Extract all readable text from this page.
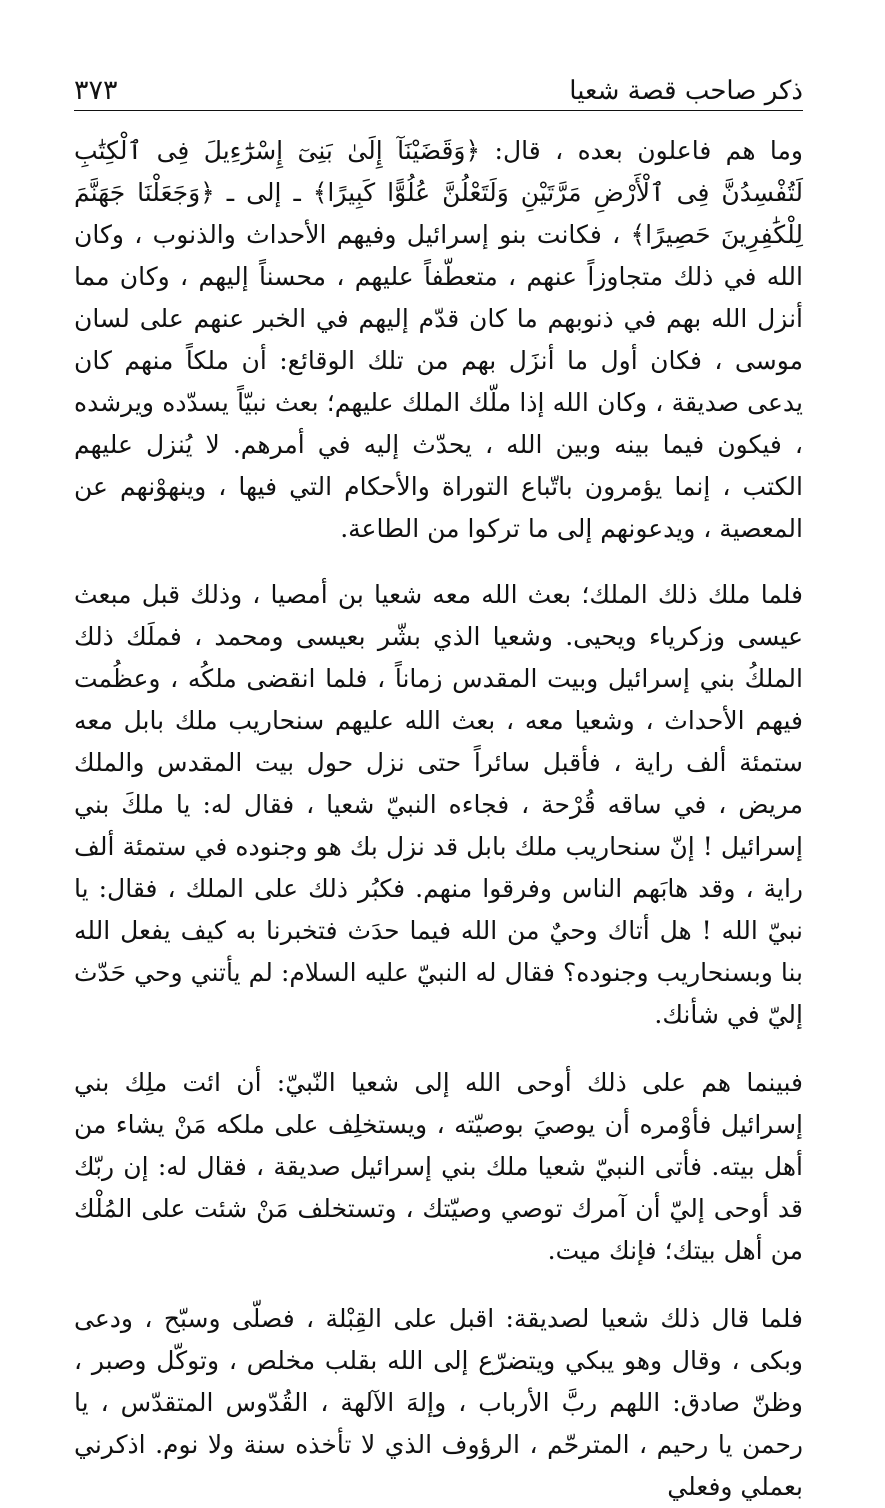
ذكر صاحب قصة شعيا
٣٧٣

وما هم فاعلون بعده ، قال: ﴿وَقَضَيْنَآ إِلَىٰ بَنِىٓ إِسْرَٰٓءِيلَ فِى ٱلْكِتَٰبِ لَتُفْسِدُنَّ فِى ٱلْأَرْضِ مَرَّتَيْنِ وَلَتَعْلُنَّ عُلُوًّا كَبِيرًا﴾ ـ إلى ـ ﴿وَجَعَلْنَا جَهَنَّمَ لِلْكَٰفِرِينَ حَصِيرًا﴾ ، فكانت بنو إسرائيل وفيهم الأحداث والذنوب ، وكان الله في ذلك متجاوزاً عنهم ، متعطّفاً عليهم ، محسناً إليهم ، وكان مما أنزل الله بهم في ذنوبهم ما كان قدّم إليهم في الخبر عنهم على لسان موسى ، فكان أول ما أنزَل بهم من تلك الوقائع: أن ملكاً منهم كان يدعى صديقة ، وكان الله إذا ملّك الملك عليهم؛ بعث نبيّاً يسدّده ويرشده ، فيكون فيما بينه وبين الله ، يحدّث إليه في أمرهم. لا يُنزل عليهم الكتب ، إنما يؤمرون باتّباع التوراة والأحكام التي فيها ، وينهوْنهم عن المعصية ، ويدعونهم إلى ما تركوا من الطاعة.

فلما ملك ذلك الملك؛ بعث الله معه شعيا بن أمصيا ، وذلك قبل مبعث عيسى وزكرياء ويحيى. وشعيا الذي بشّر بعيسى ومحمد ، فملَك ذلك الملكُ بني إسرائيل وبيت المقدس زماناً ، فلما انقضى ملكُه ، وعظُمت فيهم الأحداث ، وشعيا معه ، بعث الله عليهم سنحاريب ملك بابل معه ستمئة ألف راية ، فأقبل سائراً حتى نزل حول بيت المقدس والملك مريض ، في ساقه قُرْحة ، فجاءه النبيّ شعيا ، فقال له: يا ملكَ بني إسرائيل ! إنّ سنحاريب ملك بابل قد نزل بك هو وجنوده في ستمئة ألف راية ، وقد هابَهم الناس وفرقوا منهم. فكبُر ذلك على الملك ، فقال: يا نبيّ الله ! هل أتاك وحيٌ من الله فيما حدَث فتخبرنا به كيف يفعل الله بنا وبسنحاريب وجنوده؟ فقال له النبيّ عليه السلام: لم يأتني وحي حَدّث إليّ في شأنك.

فبينما هم على ذلك أوحى الله إلى شعيا النّبيّ: أن ائت ملِك بني إسرائيل فأوْمره أن يوصيَ بوصيّته ، ويستخلِف على ملكه مَنْ يشاء من أهل بيته. فأتى النبيّ شعيا ملك بني إسرائيل صديقة ، فقال له: إن ربّك قد أوحى إليّ أن آمرك توصي وصيّتك ، وتستخلف مَنْ شئت على المُلْك من أهل بيتك؛ فإنك ميت.

فلما قال ذلك شعيا لصديقة: اقبل على القِبْلة ، فصلّى وسبّح ، ودعى وبكى ، وقال وهو يبكي ويتضرّع إلى الله بقلب مخلص ، وتوكّل وصبر ، وظنّ صادق: اللهم ربَّ الأرباب ، وإلهَ الآلهة ، القُدّوس المتقدّس ، يا رحمن يا رحيم ، المترحّم ، الرؤوف الذي لا تأخذه سنة ولا نوم. اذكرني بعملي وفعلي
